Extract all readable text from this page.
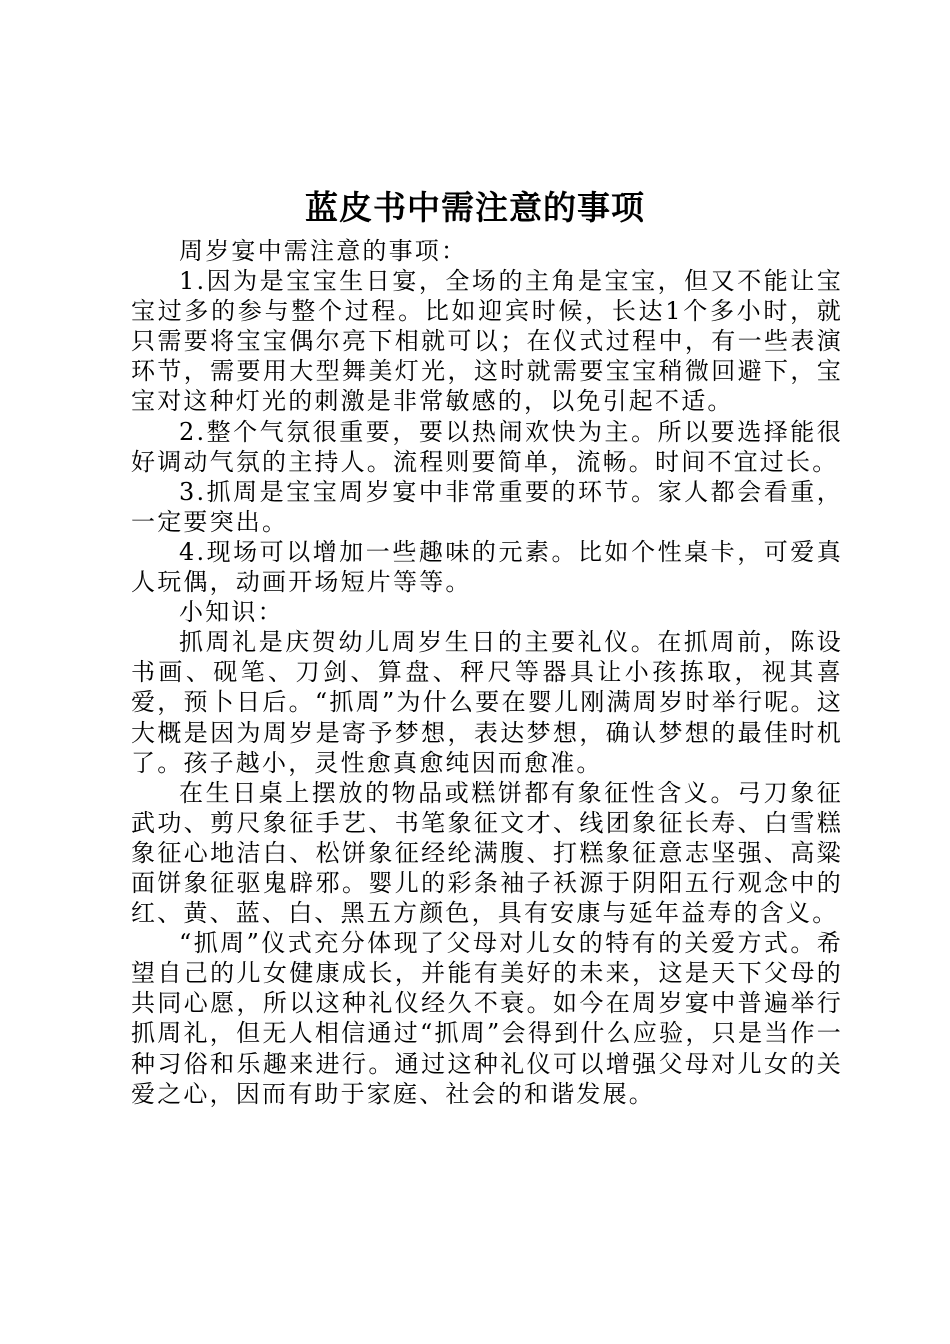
蓝皮书中需注意的事项

周岁宴中需注意的事项：

1.因为是宝宝生日宴，全场的主角是宝宝，但又不能让宝宝过多的参与整个过程。比如迎宾时候，长达1个多小时，就只需要将宝宝偶尔亮下相就可以；在仪式过程中，有一些表演环节，需要用大型舞美灯光，这时就需要宝宝稍微回避下，宝宝对这种灯光的刺激是非常敏感的，以免引起不适。

2.整个气氛很重要，要以热闹欢快为主。所以要选择能很好调动气氛的主持人。流程则要简单，流畅。时间不宜过长。

3.抓周是宝宝周岁宴中非常重要的环节。家人都会看重，一定要突出。

4.现场可以增加一些趣味的元素。比如个性桌卡，可爱真人玩偶，动画开场短片等等。

小知识：

抓周礼是庆贺幼儿周岁生日的主要礼仪。在抓周前，陈设书画、砚笔、刀剑、算盘、秤尺等器具让小孩拣取，视其喜爱，预卜日后。“抓周”为什么要在婴儿刚满周岁时举行呢。这大概是因为周岁是寄予梦想，表达梦想，确认梦想的最佳时机了。孩子越小，灵性愈真愈纯因而愈准。

在生日桌上摆放的物品或糕饼都有象征性含义。弓刀象征武功、剪尺象征手艺、书笔象征文才、线团象征长寿、白雪糕象征心地洁白、松饼象征经纶满腹、打糕象征意志坚强、高粱面饼象征驱鬼辟邪。婴儿的彩条袖子袄源于阴阳五行观念中的红、黄、蓝、白、黑五方颜色，具有安康与延年益寿的含义。

“抓周”仪式充分体现了父母对儿女的特有的关爱方式。希望自己的儿女健康成长，并能有美好的未来，这是天下父母的共同心愿，所以这种礼仪经久不衰。如今在周岁宴中普遍举行抓周礼，但无人相信通过“抓周”会得到什么应验，只是当作一种习俗和乐趣来进行。通过这种礼仪可以增强父母对儿女的关爱之心，因而有助于家庭、社会的和谐发展。
